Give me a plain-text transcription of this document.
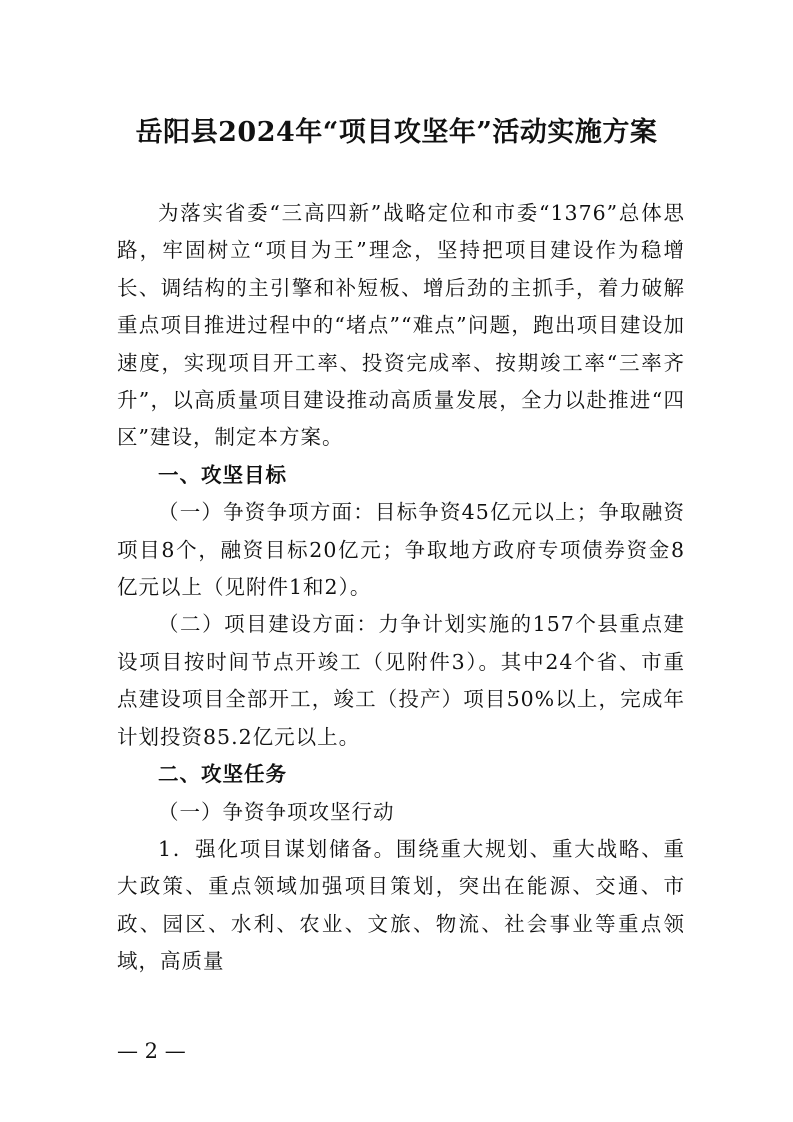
岳阳县2024年“项目攻坚年”活动实施方案

为落实省委“三高四新”战略定位和市委“1376”总体思路，牢固树立“项目为王”理念，坚持把项目建设作为稳增长、调结构的主引擎和补短板、增后劲的主抓手，着力破解重点项目推进过程中的“堵点”“难点”问题，跑出项目建设加速度，实现项目开工率、投资完成率、按期竣工率“三率齐升”，以高质量项目建设推动高质量发展，全力以赴推进“四区”建设，制定本方案。

一、攻坚目标

（一）争资争项方面：目标争资45亿元以上；争取融资项目8个，融资目标20亿元；争取地方政府专项债券资金8亿元以上（见附件1和2）。

（二）项目建设方面：力争计划实施的157个县重点建设项目按时间节点开竣工（见附件3）。其中24个省、市重点建设项目全部开工，竣工（投产）项目50%以上，完成年计划投资85.2亿元以上。

二、攻坚任务

（一）争资争项攻坚行动

1．强化项目谋划储备。围绕重大规划、重大战略、重大政策、重点领域加强项目策划，突出在能源、交通、市政、园区、水利、农业、文旅、物流、社会事业等重点领域，高质量

— 2 —
